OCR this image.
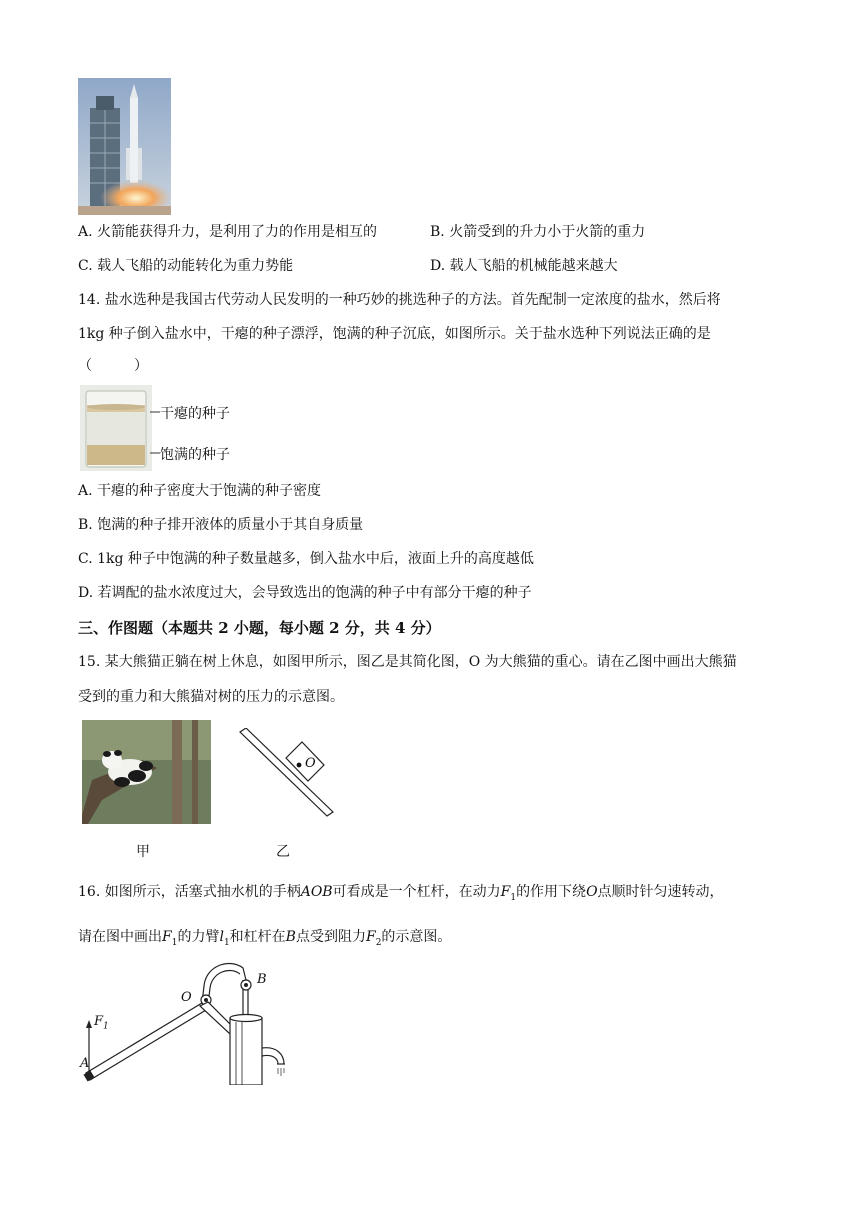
A. 火箭能获得升力，是利用了力的作用是相互的	B. 火箭受到的升力小于火箭的重力
C. 载人飞船的动能转化为重力势能	D. 载人飞船的机械能越来越大
14. 盐水选种是我国古代劳动人民发明的一种巧妙的挑选种子的方法。首先配制一定浓度的盐水，然后将
1kg 种子倒入盐水中，干瘪的种子漂浮，饱满的种子沉底，如图所示。关于盐水选种下列说法正确的是
（　　　）
干瘪的种子
饱满的种子
A. 干瘪的种子密度大于饱满的种子密度
B. 饱满的种子排开液体的质量小于其自身质量
C. 1kg 种子中饱满的种子数量越多，倒入盐水中后，液面上升的高度越低
D. 若调配的盐水浓度过大，会导致选出的饱满的种子中有部分干瘪的种子
三、作图题（本题共 2 小题，每小题 2 分，共 4 分）
15. 某大熊猫正躺在树上休息，如图甲所示，图乙是其简化图，O 为大熊猫的重心。请在乙图中画出大熊猫
受到的重力和大熊猫对树的压力的示意图。
O
甲	乙
16. 如图所示，活塞式抽水机的手柄AOB可看成是一个杠杆，在动力$F_1$的作用下绕O点顺时针匀速转动，
请在图中画出$F_1$的力臂$l_1$和杠杆在B点受到阻力$F_2$的示意图。
$F_1$
A
O
B
